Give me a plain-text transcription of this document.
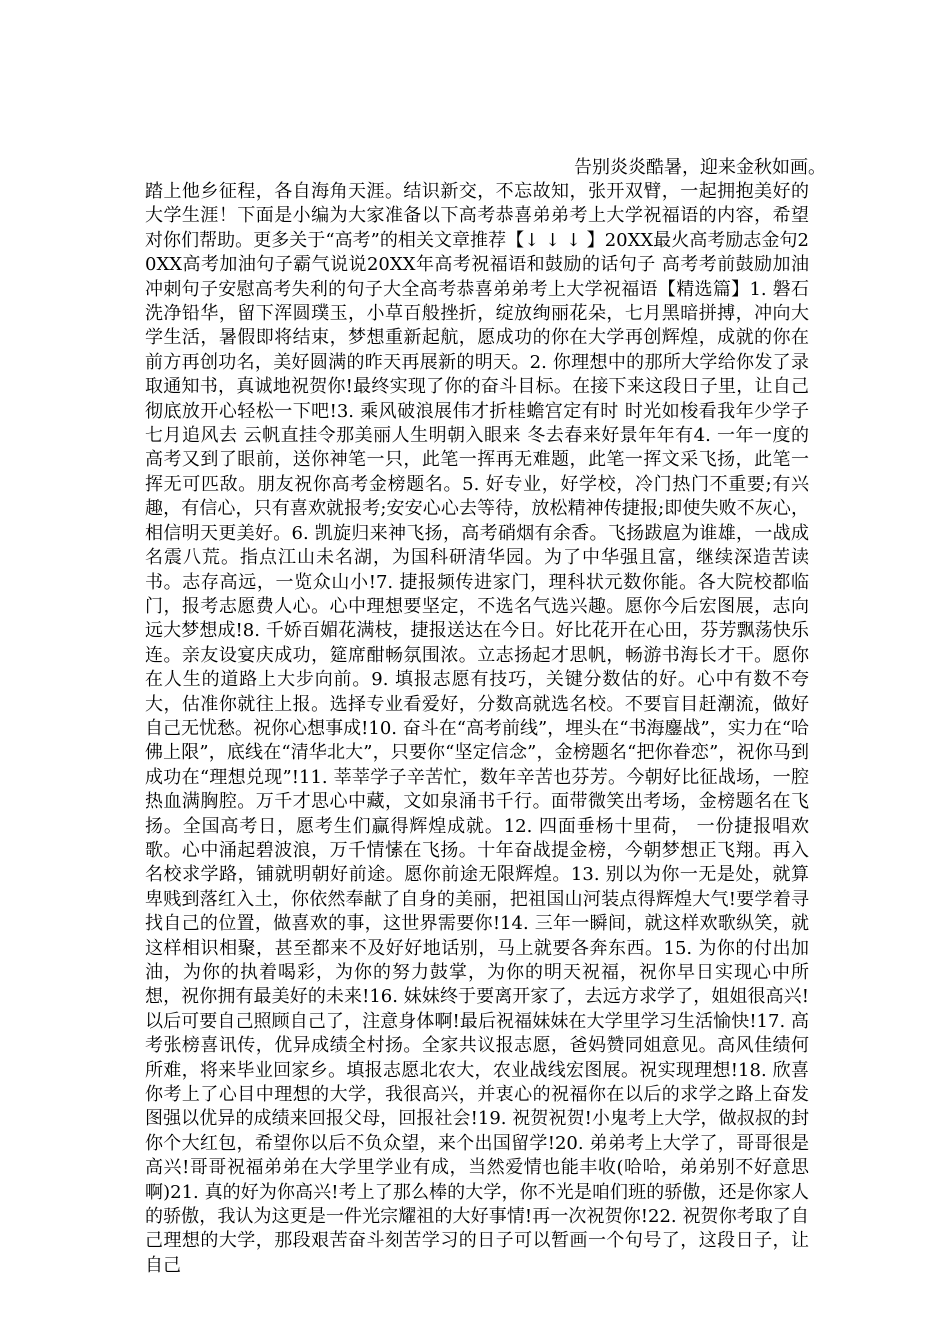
告别炎炎酷暑，迎来金秋如画。

踏上他乡征程，各自海角天涯。结识新交，不忘故知，张开双臂，一起拥抱美好的大学生涯！下面是小编为大家准备以下高考恭喜弟弟考上大学祝福语的内容，希望对你们帮助。更多关于“高考”的相关文章推荐【↓ ↓ ↓ 】20XX最火高考励志金句20XX高考加油句子霸气说说20XX年高考祝福语和鼓励的话句子 高考考前鼓励加油冲刺句子安慰高考失利的句子大全高考恭喜弟弟考上大学祝福语【精选篇】1. 磐石洗净铅华，留下浑圆璞玉，小草百般挫折，绽放绚丽花朵，七月黑暗拼搏，冲向大学生活，暑假即将结束，梦想重新起航，愿成功的你在大学再创辉煌，成就的你在前方再创功名，美好圆满的昨天再展新的明天。2. 你理想中的那所大学给你发了录取通知书，真诚地祝贺你!最终实现了你的奋斗目标。在接下来这段日子里，让自己彻底放开心轻松一下吧!3. 乘风破浪展伟才折桂蟾宫定有时 时光如梭看我年少学子七月追风去 云帆直挂令那美丽人生明朝入眼来 冬去春来好景年年有4. 一年一度的高考又到了眼前，送你神笔一只，此笔一挥再无难题，此笔一挥文采飞扬，此笔一挥无可匹敌。朋友祝你高考金榜题名。5. 好专业，好学校，冷门热门不重要;有兴趣，有信心，只有喜欢就报考;安安心心去等待，放松精神传捷报;即使失败不灰心，相信明天更美好。6. 凯旋归来神飞扬，高考硝烟有余香。飞扬跋扈为谁雄，一战成名震八荒。指点江山未名湖，为国科研清华园。为了中华强且富，继续深造苦读书。志存高远，一览众山小!7. 捷报频传进家门，理科状元数你能。各大院校都临门，报考志愿费人心。心中理想要坚定，不选名气选兴趣。愿你今后宏图展，志向远大梦想成!8. 千娇百媚花满枝，捷报送达在今日。好比花开在心田，芬芳飘荡快乐连。亲友设宴庆成功，筵席酣畅氛围浓。立志扬起才思帆，畅游书海长才干。愿你在人生的道路上大步向前。9. 填报志愿有技巧，关键分数估的好。心中有数不夸大，估准你就往上报。选择专业看爱好，分数高就选名校。不要盲目赶潮流，做好自己无忧愁。祝你心想事成!10. 奋斗在“高考前线”，埋头在“书海鏖战”，实力在“哈佛上限”，底线在“清华北大”，只要你“坚定信念”，金榜题名“把你眷恋”，祝你马到成功在“理想兑现”!11. 莘莘学子辛苦忙，数年辛苦也芬芳。今朝好比征战场，一腔热血满胸腔。万千才思心中藏，文如泉涌书千行。面带微笑出考场，金榜题名在飞扬。全国高考日，愿考生们赢得辉煌成就。12. 四面垂杨十里荷， 一份捷报唱欢歌。心中涌起碧波浪，万千情愫在飞扬。十年奋战提金榜，今朝梦想正飞翔。再入名校求学路，铺就明朝好前途。愿你前途无限辉煌。13. 别以为你一无是处，就算卑贱到落红入土，你依然奉献了自身的美丽，把祖国山河装点得辉煌大气!要学着寻找自己的位置，做喜欢的事，这世界需要你!14. 三年一瞬间，就这样欢歌纵笑，就这样相识相聚，甚至都来不及好好地话别，马上就要各奔东西。15. 为你的付出加油，为你的执着喝彩，为你的努力鼓掌，为你的明天祝福，祝你早日实现心中所想，祝你拥有最美好的未来!16. 妹妹终于要离开家了，去远方求学了，姐姐很高兴!以后可要自己照顾自己了，注意身体啊!最后祝福妹妹在大学里学习生活愉快!17. 高考张榜喜讯传，优异成绩全村扬。全家共议报志愿，爸妈赞同姐意见。高风佳绩何所难，将来毕业回家乡。填报志愿北农大，农业战线宏图展。祝实现理想!18. 欣喜你考上了心目中理想的大学，我很高兴，并衷心的祝福你在以后的求学之路上奋发图强以优异的成绩来回报父母，回报社会!19. 祝贺祝贺!小鬼考上大学，做叔叔的封你个大红包，希望你以后不负众望，来个出国留学!20. 弟弟考上大学了，哥哥很是高兴!哥哥祝福弟弟在大学里学业有成，当然爱情也能丰收(哈哈，弟弟别不好意思啊)21. 真的好为你高兴!考上了那么棒的大学，你不光是咱们班的骄傲，还是你家人的骄傲，我认为这更是一件光宗耀祖的大好事情!再一次祝贺你!22. 祝贺你考取了自己理想的大学，那段艰苦奋斗刻苦学习的日子可以暂画一个句号了，这段日子，让自己
